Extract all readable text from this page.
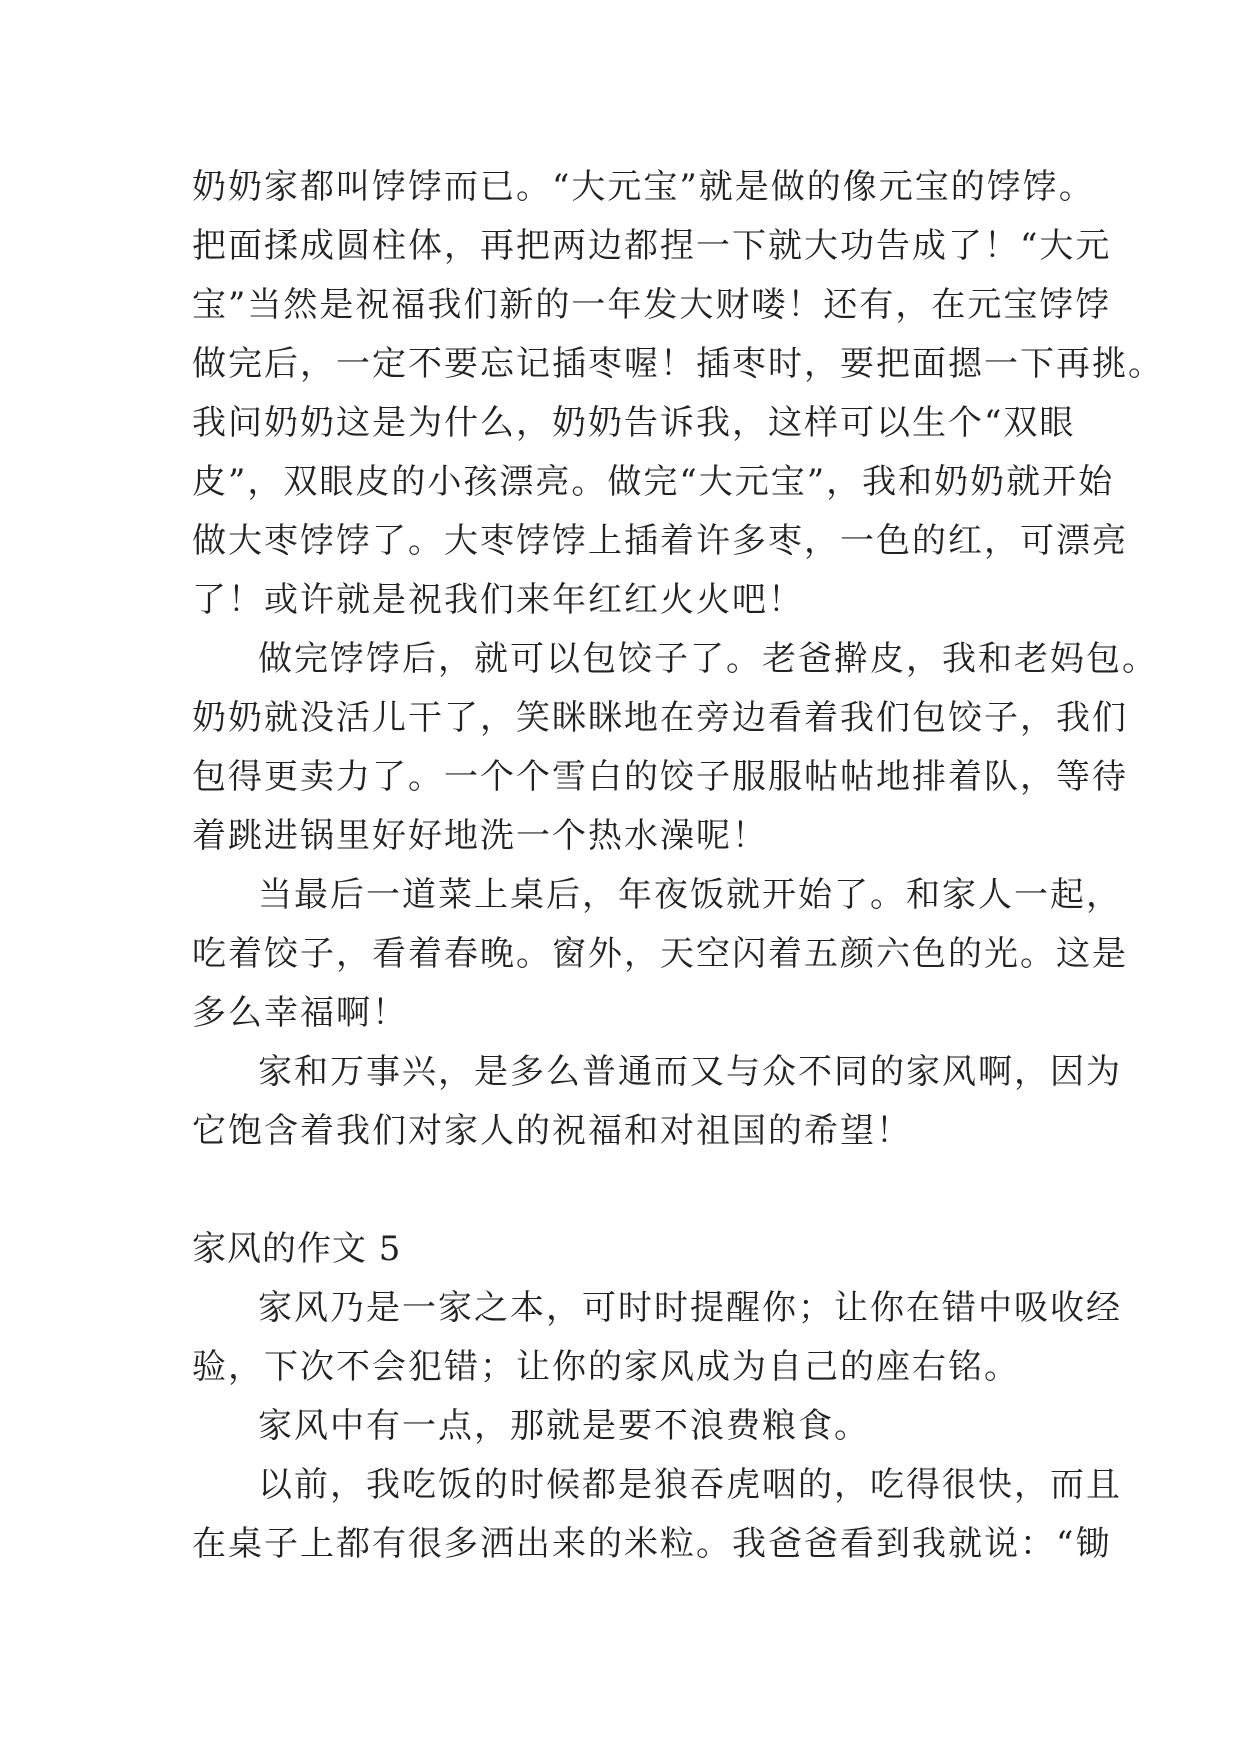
奶奶家都叫饽饽而已。“大元宝”就是做的像元宝的饽饽。
把面揉成圆柱体，再把两边都捏一下就大功告成了！“大元
宝”当然是祝福我们新的一年发大财喽！还有，在元宝饽饽
做完后，一定不要忘记插枣喔！插枣时，要把面摁一下再挑。
我问奶奶这是为什么，奶奶告诉我，这样可以生个“双眼
皮”，双眼皮的小孩漂亮。做完“大元宝”，我和奶奶就开始
做大枣饽饽了。大枣饽饽上插着许多枣，一色的红，可漂亮
了！或许就是祝我们来年红红火火吧！
做完饽饽后，就可以包饺子了。老爸擀皮，我和老妈包。
奶奶就没活儿干了，笑眯眯地在旁边看着我们包饺子，我们
包得更卖力了。一个个雪白的饺子服服帖帖地排着队，等待
着跳进锅里好好地洗一个热水澡呢！
当最后一道菜上桌后，年夜饭就开始了。和家人一起，
吃着饺子，看着春晚。窗外，天空闪着五颜六色的光。这是
多么幸福啊！
家和万事兴，是多么普通而又与众不同的家风啊，因为
它饱含着我们对家人的祝福和对祖国的希望！
家风的作文 5
家风乃是一家之本，可时时提醒你；让你在错中吸收经
验，下次不会犯错；让你的家风成为自己的座右铭。
家风中有一点，那就是要不浪费粮食。
以前，我吃饭的时候都是狼吞虎咽的，吃得很快，而且
在桌子上都有很多洒出来的米粒。我爸爸看到我就说：“锄
